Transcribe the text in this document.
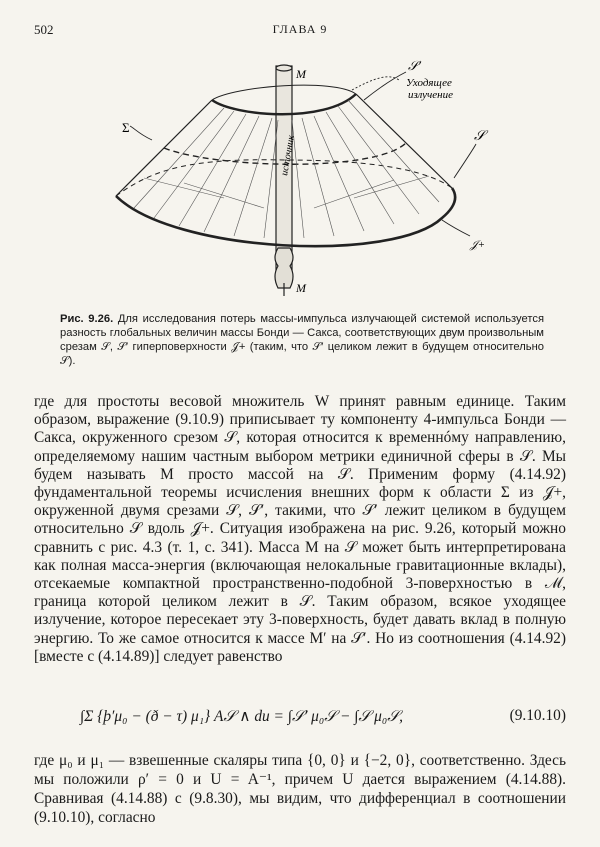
502	ГЛАВА 9
𝒮′
Уходящее
излучение
Σ
𝒮
𝒥+
M
M
источник
Рис. 9.26. Для исследования потерь массы-импульса излучающей системой используется разность глобальных величин массы Бонди — Сакса, соответствующих двум произвольным срезам 𝒮, 𝒮′ гиперповерхности 𝒥+ (таким, что 𝒮′ целиком лежит в будущем относительно 𝒮).

где для простоты весовой множитель W принят равным единице. Таким образом, выражение (9.10.9) приписывает ту компоненту 4-импульса Бонди — Сакса, окруженного срезом 𝒮, которая относится к временнóму направлению, определяемому нашим частным выбором метрики единичной сферы в 𝒮. Мы будем называть M просто массой на 𝒮. Применим форму (4.14.92) фундаментальной теоремы исчисления внешних форм к области Σ из 𝒥+, окруженной двумя срезами 𝒮, 𝒮′, такими, что 𝒮′ лежит целиком в будущем относительно 𝒮 вдоль 𝒥+. Ситуация изображена на рис. 9.26, который можно сравнить с рис. 4.3 (т. 1, с. 341). Масса M на 𝒮 может быть интерпретирована как полная масса-энергия (включающая нелокальные гравитационные вклады), отсекаемые компактной пространственно-подобной 3-поверхностью в ℳ, граница которой целиком лежит в 𝒮. Таким образом, всякое уходящее излучение, которое пересекает эту 3-поверхность, будет давать вклад в полную энергию. То же самое относится к массе M′ на 𝒮′. Но из соотношения (4.14.92) [вместе с (4.14.89)] следует равенство

∫Σ {þ′μ₀ − (ð − τ) μ₁} A𝒮 ∧ du = ∫𝒮′ μ₀𝒮 − ∫𝒮 μ₀𝒮,	(9.10.10)

где μ₀ и μ₁ — взвешенные скаляры типа {0, 0} и {−2, 0}, соответственно. Здесь мы положили ρ′ = 0 и U = A⁻¹, причем U дается выражением (4.14.88). Сравнивая (4.14.88) с (9.8.30), мы видим, что дифференциал в соотношении (9.10.10), согласно
